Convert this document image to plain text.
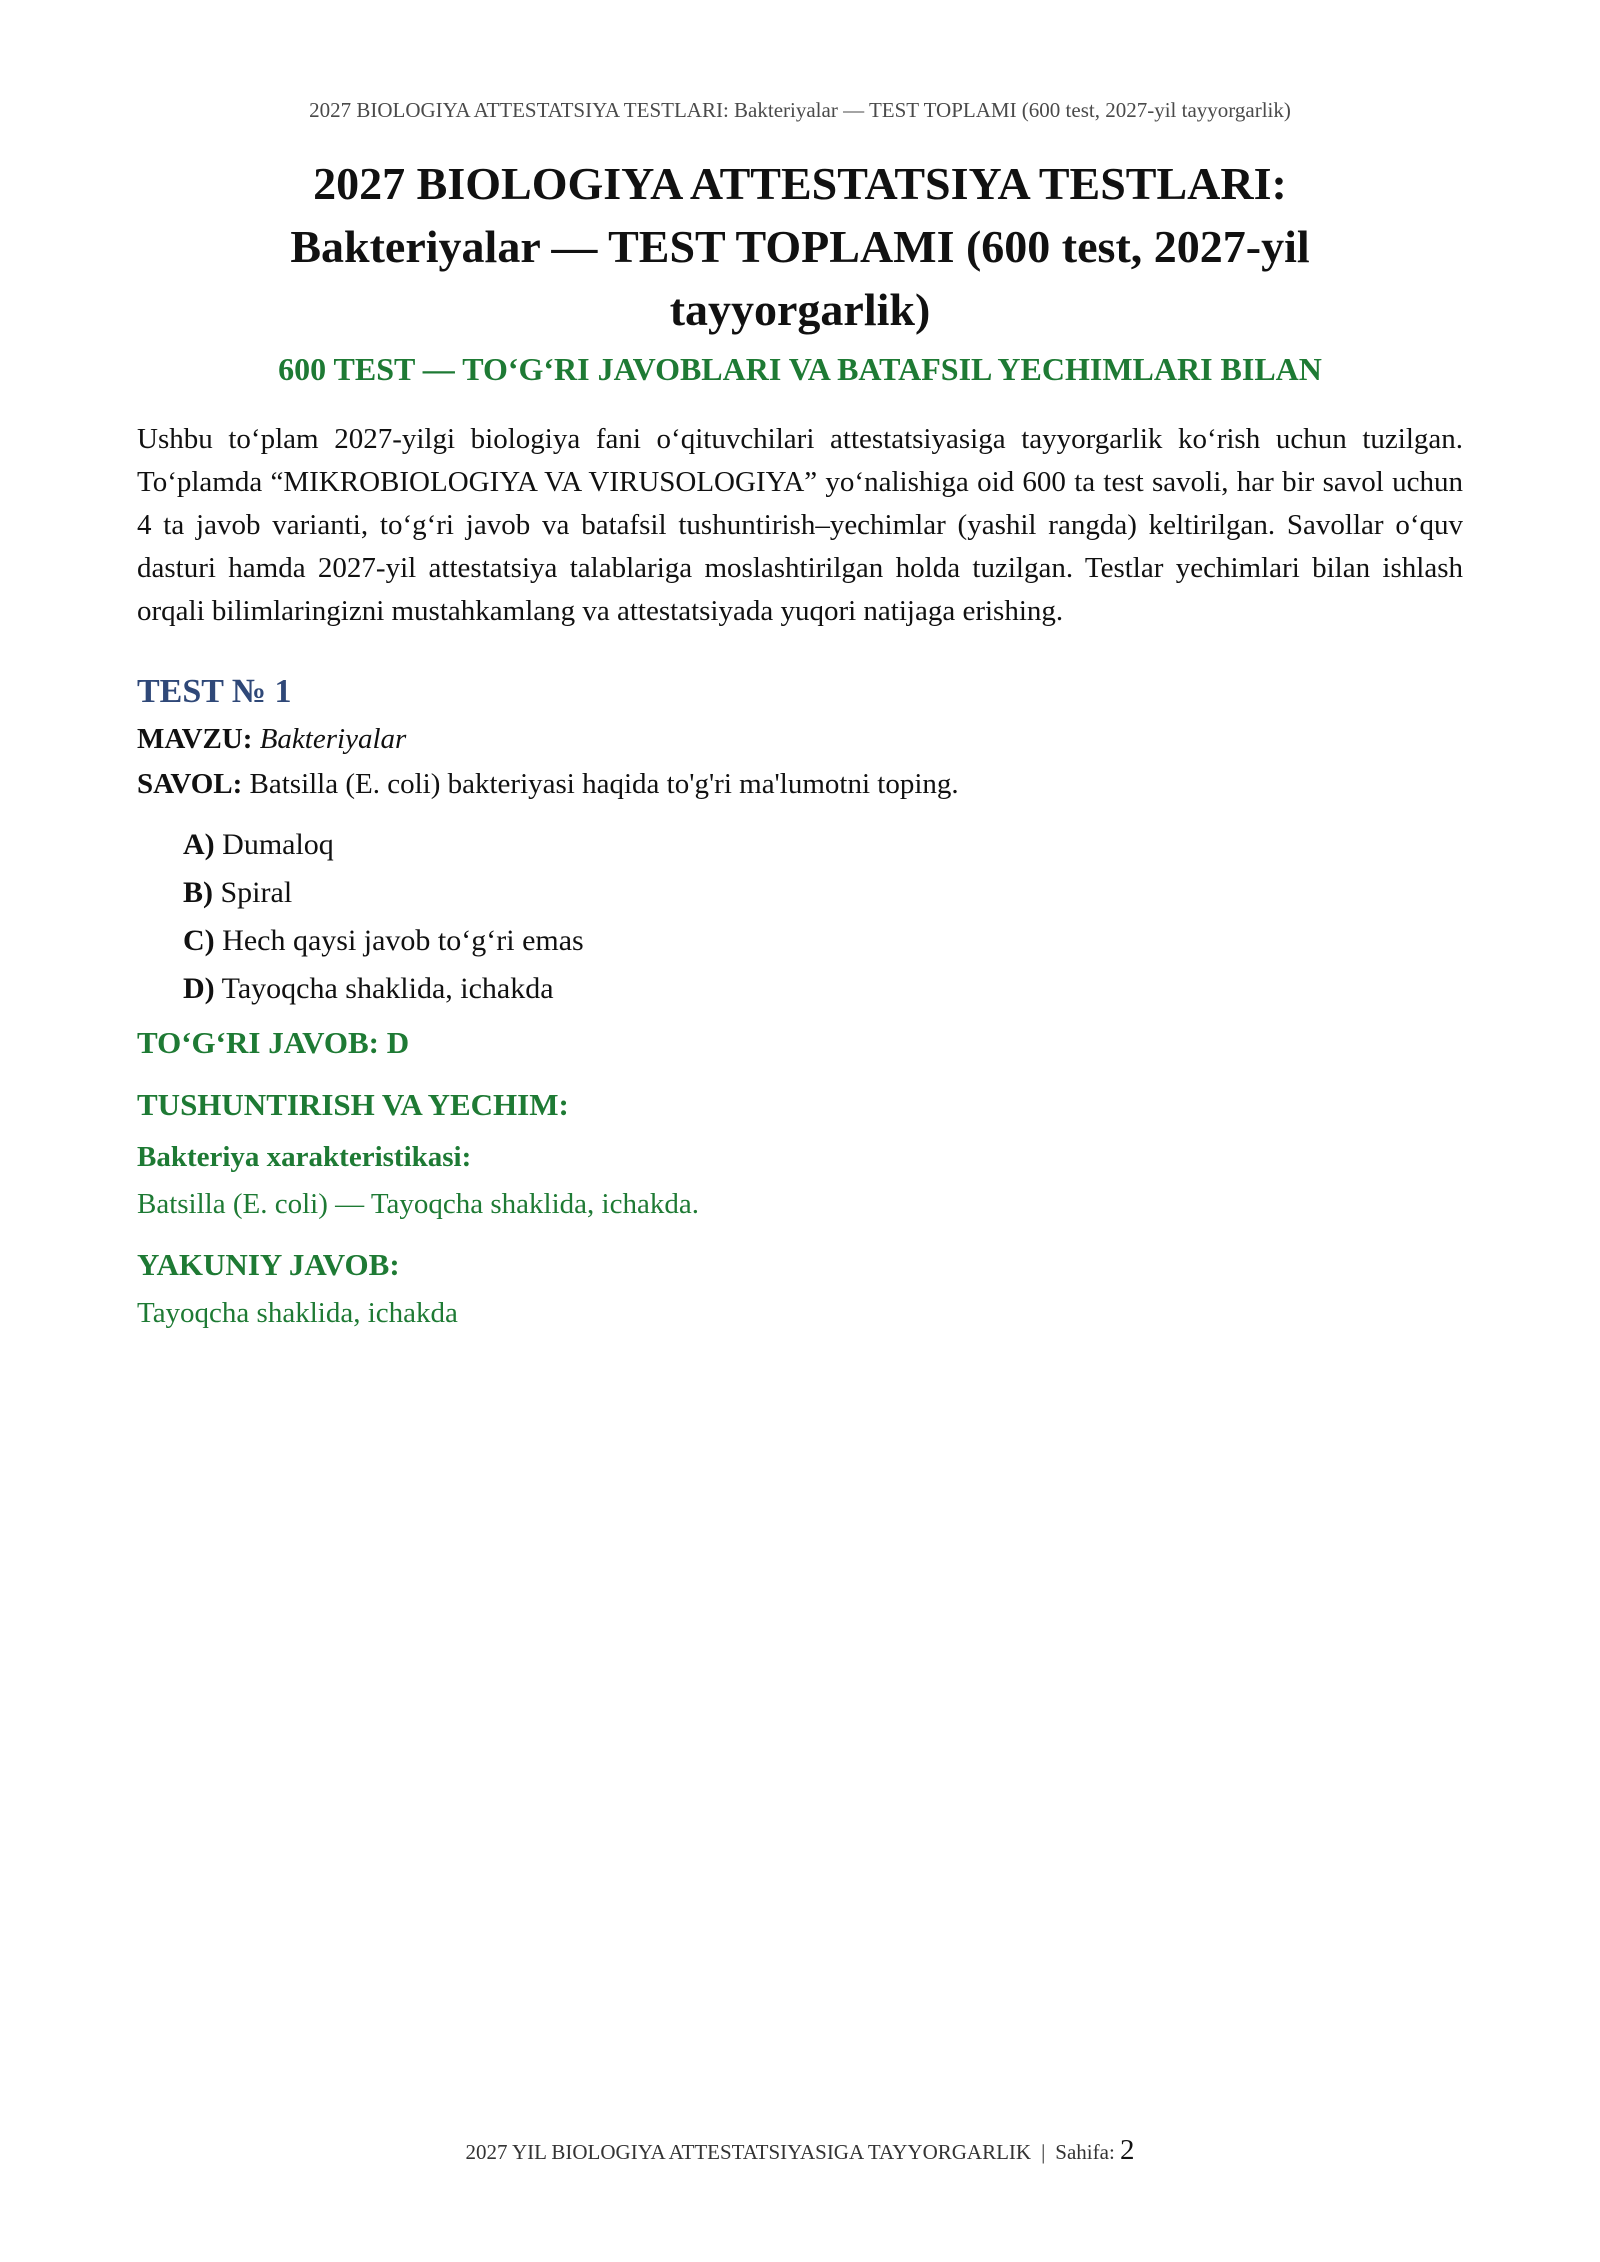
2027 BIOLOGIYA ATTESTATSIYA TESTLARI: Bakteriyalar — TEST TOPLAMI (600 test, 2027-yil tayyorgarlik)
2027 BIOLOGIYA ATTESTATSIYA TESTLARI:
Bakteriyalar — TEST TOPLAMI (600 test, 2027-yil
tayyorgarlik)

600 TEST — TO‘G‘RI JAVOBLARI VA BATAFSIL YECHIMLARI BILAN

Ushbu to‘plam 2027-yilgi biologiya fani o‘qituvchilari attestatsiyasiga tayyorgarlik ko‘rish uchun tuzilgan. To‘plamda “MIKROBIOLOGIYA VA VIRUSOLOGIYA” yo‘nalishiga oid 600 ta test savoli, har bir savol uchun 4 ta javob varianti, to‘g‘ri javob va batafsil tushuntirish–yechimlar (yashil rangda) keltirilgan. Savollar o‘quv dasturi hamda 2027-yil attestatsiya talablariga moslashtirilgan holda tuzilgan. Testlar yechimlari bilan ishlash orqali bilimlaringizni mustahkamlang va attestatsiyada yuqori natijaga erishing.

TEST № 1

MAVZU: Bakteriyalar

SAVOL: Batsilla (E. coli) bakteriyasi haqida to'g'ri ma'lumotni toping.

A) Dumaloq
B) Spiral
C) Hech qaysi javob to‘g‘ri emas
D) Tayoqcha shaklida, ichakda

TO‘G‘RI JAVOB: D

TUSHUNTIRISH VA YECHIM:

Bakteriya xarakteristikasi:

Batsilla (E. coli) — Tayoqcha shaklida, ichakda.

YAKUNIY JAVOB:

Tayoqcha shaklida, ichakda

2027 YIL BIOLOGIYA ATTESTATSIYASIGA TAYYORGARLIK | Sahifa: 2
